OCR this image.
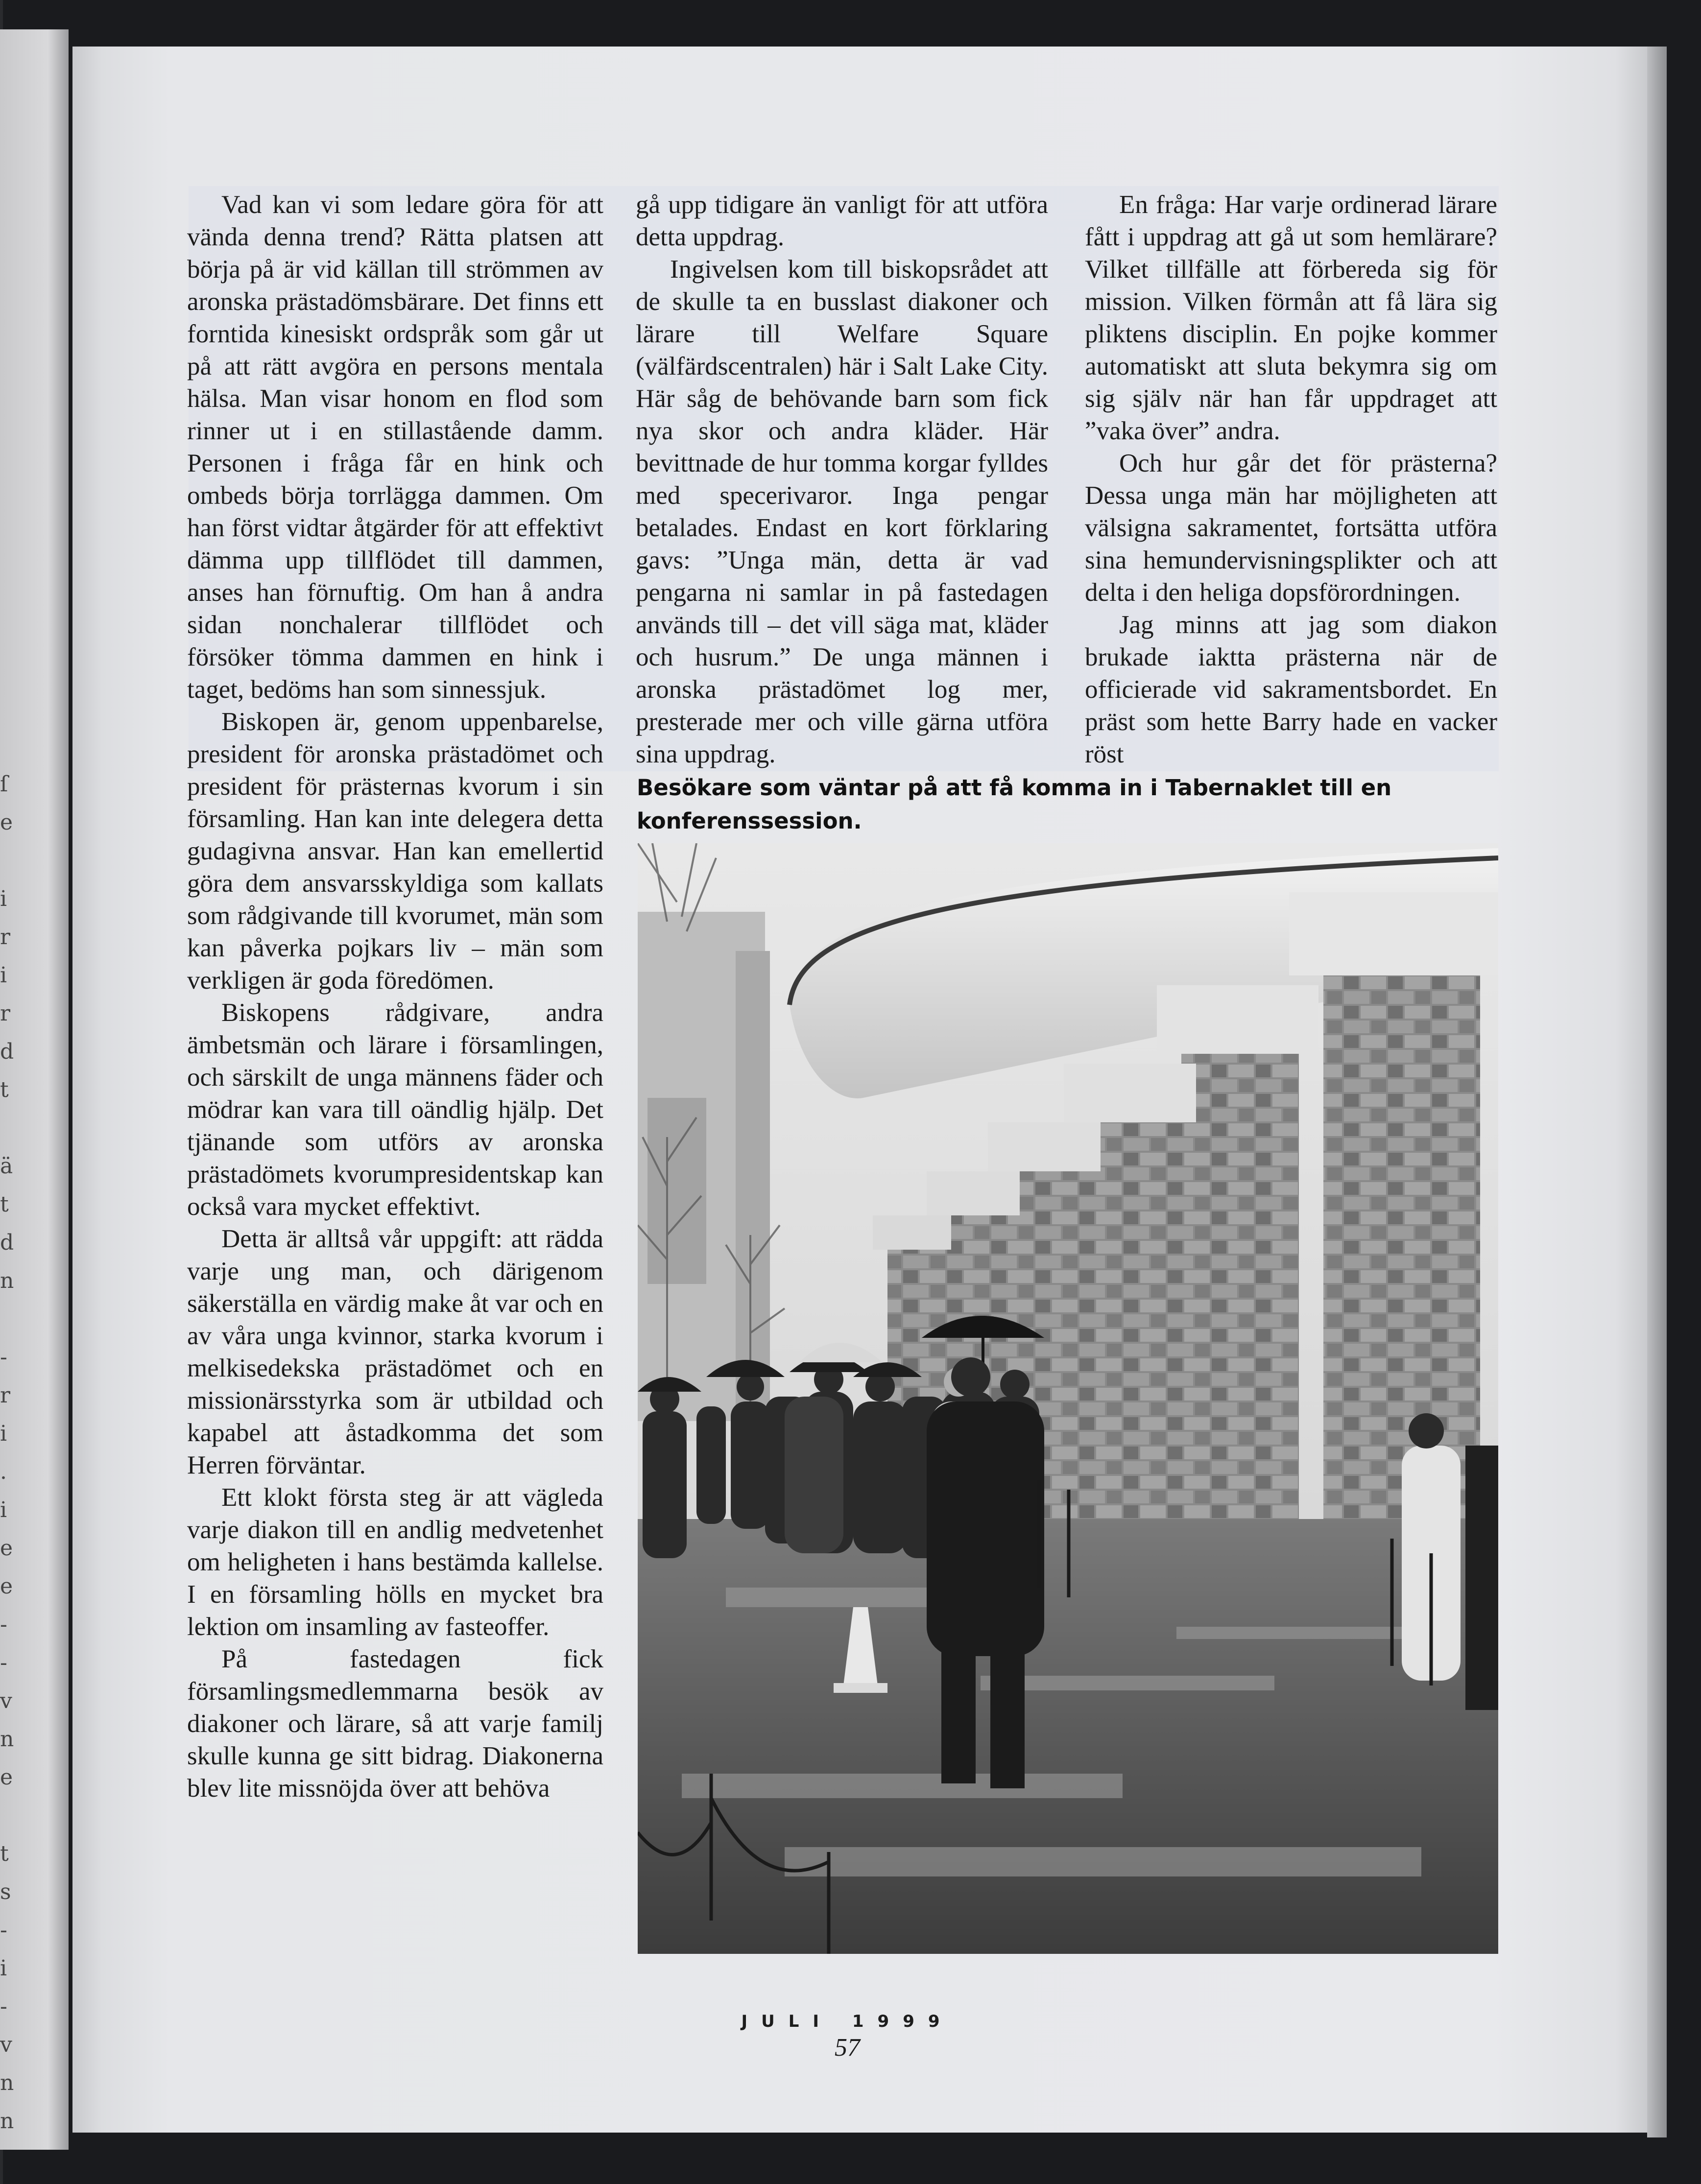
ſ
e
i
r
i
r
d
t
ä
t
d
n
-
r
i
.
i
e
e
-
-
v
n
e
t
s
-
i
-
v
n
n

Vad kan vi som ledare göra för att vända denna trend? Rätta platsen att börja på är vid källan till strömmen av aronska prästadömsbärare. Det finns ett forntida kinesiskt ordspråk som går ut på att rätt avgöra en persons mentala hälsa. Man visar honom en flod som rinner ut i en stillastående damm. Personen i fråga får en hink och ombeds börja torrlägga dammen. Om han först vidtar åtgärder för att effektivt dämma upp tillflödet till dammen, anses han förnuftig. Om han å andra sidan nonchalerar tillflödet och försöker tömma dammen en hink i taget, bedöms han som sinnessjuk.

Biskopen är, genom uppenbarelse, president för aronska prästadömet och president för prästernas kvorum i sin församling. Han kan inte delegera detta gudagivna ansvar. Han kan emellertid göra dem ansvarsskyldiga som kallats som rådgivande till kvorumet, män som kan påverka pojkars liv – män som verkligen är goda föredömen.

Biskopens rådgivare, andra ämbetsmän och lärare i församlingen, och särskilt de unga männens fäder och mödrar kan vara till oändlig hjälp. Det tjänande som utförs av aronska prästadömets kvorumpresidentskap kan också vara mycket effektivt.

Detta är alltså vår uppgift: att rädda varje ung man, och därigenom säkerställa en värdig make åt var och en av våra unga kvinnor, starka kvorum i melkisedekska prästadömet och en missionärsstyrka som är utbildad och kapabel att åstadkomma det som Herren förväntar.

Ett klokt första steg är att vägleda varje diakon till en andlig medvetenhet om heligheten i hans bestämda kallelse. I en församling hölls en mycket bra lektion om insamling av fasteoffer.

På fastedagen fick församlingsmedlemmarna besök av diakoner och lärare, så att varje familj skulle kunna ge sitt bidrag. Diakonerna blev lite missnöjda över att behöva

gå upp tidigare än vanligt för att utföra detta uppdrag.

Ingivelsen kom till biskopsrådet att de skulle ta en busslast diakoner och lärare till Welfare Square (välfärdscentralen) här i Salt Lake City. Här såg de behövande barn som fick nya skor och andra kläder. Här bevittnade de hur tomma korgar fylldes med specerivaror. Inga pengar betalades. Endast en kort förklaring gavs: ”Unga män, detta är vad pengarna ni samlar in på fastedagen används till – det vill säga mat, kläder och husrum.” De unga männen i aronska prästadömet log mer, presterade mer och ville gärna utföra sina uppdrag.

En fråga: Har varje ordinerad lärare fått i uppdrag att gå ut som hemlärare? Vilket tillfälle att förbereda sig för mission. Vilken förmån att få lära sig pliktens disciplin. En pojke kommer automatiskt att sluta bekymra sig om sig själv när han får uppdraget att ”vaka över” andra.

Och hur går det för prästerna? Dessa unga män har möjligheten att välsigna sakramentet, fortsätta utföra sina hemundervisningsplikter och att delta i den heliga dopsförordningen.

Jag minns att jag som diakon brukade iaktta prästerna när de officierade vid sakramentsbordet. En präst som hette Barry hade en vacker röst

Besökare som väntar på att få komma in i Tabernaklet till en konferenssession.
JULI 1999
57
